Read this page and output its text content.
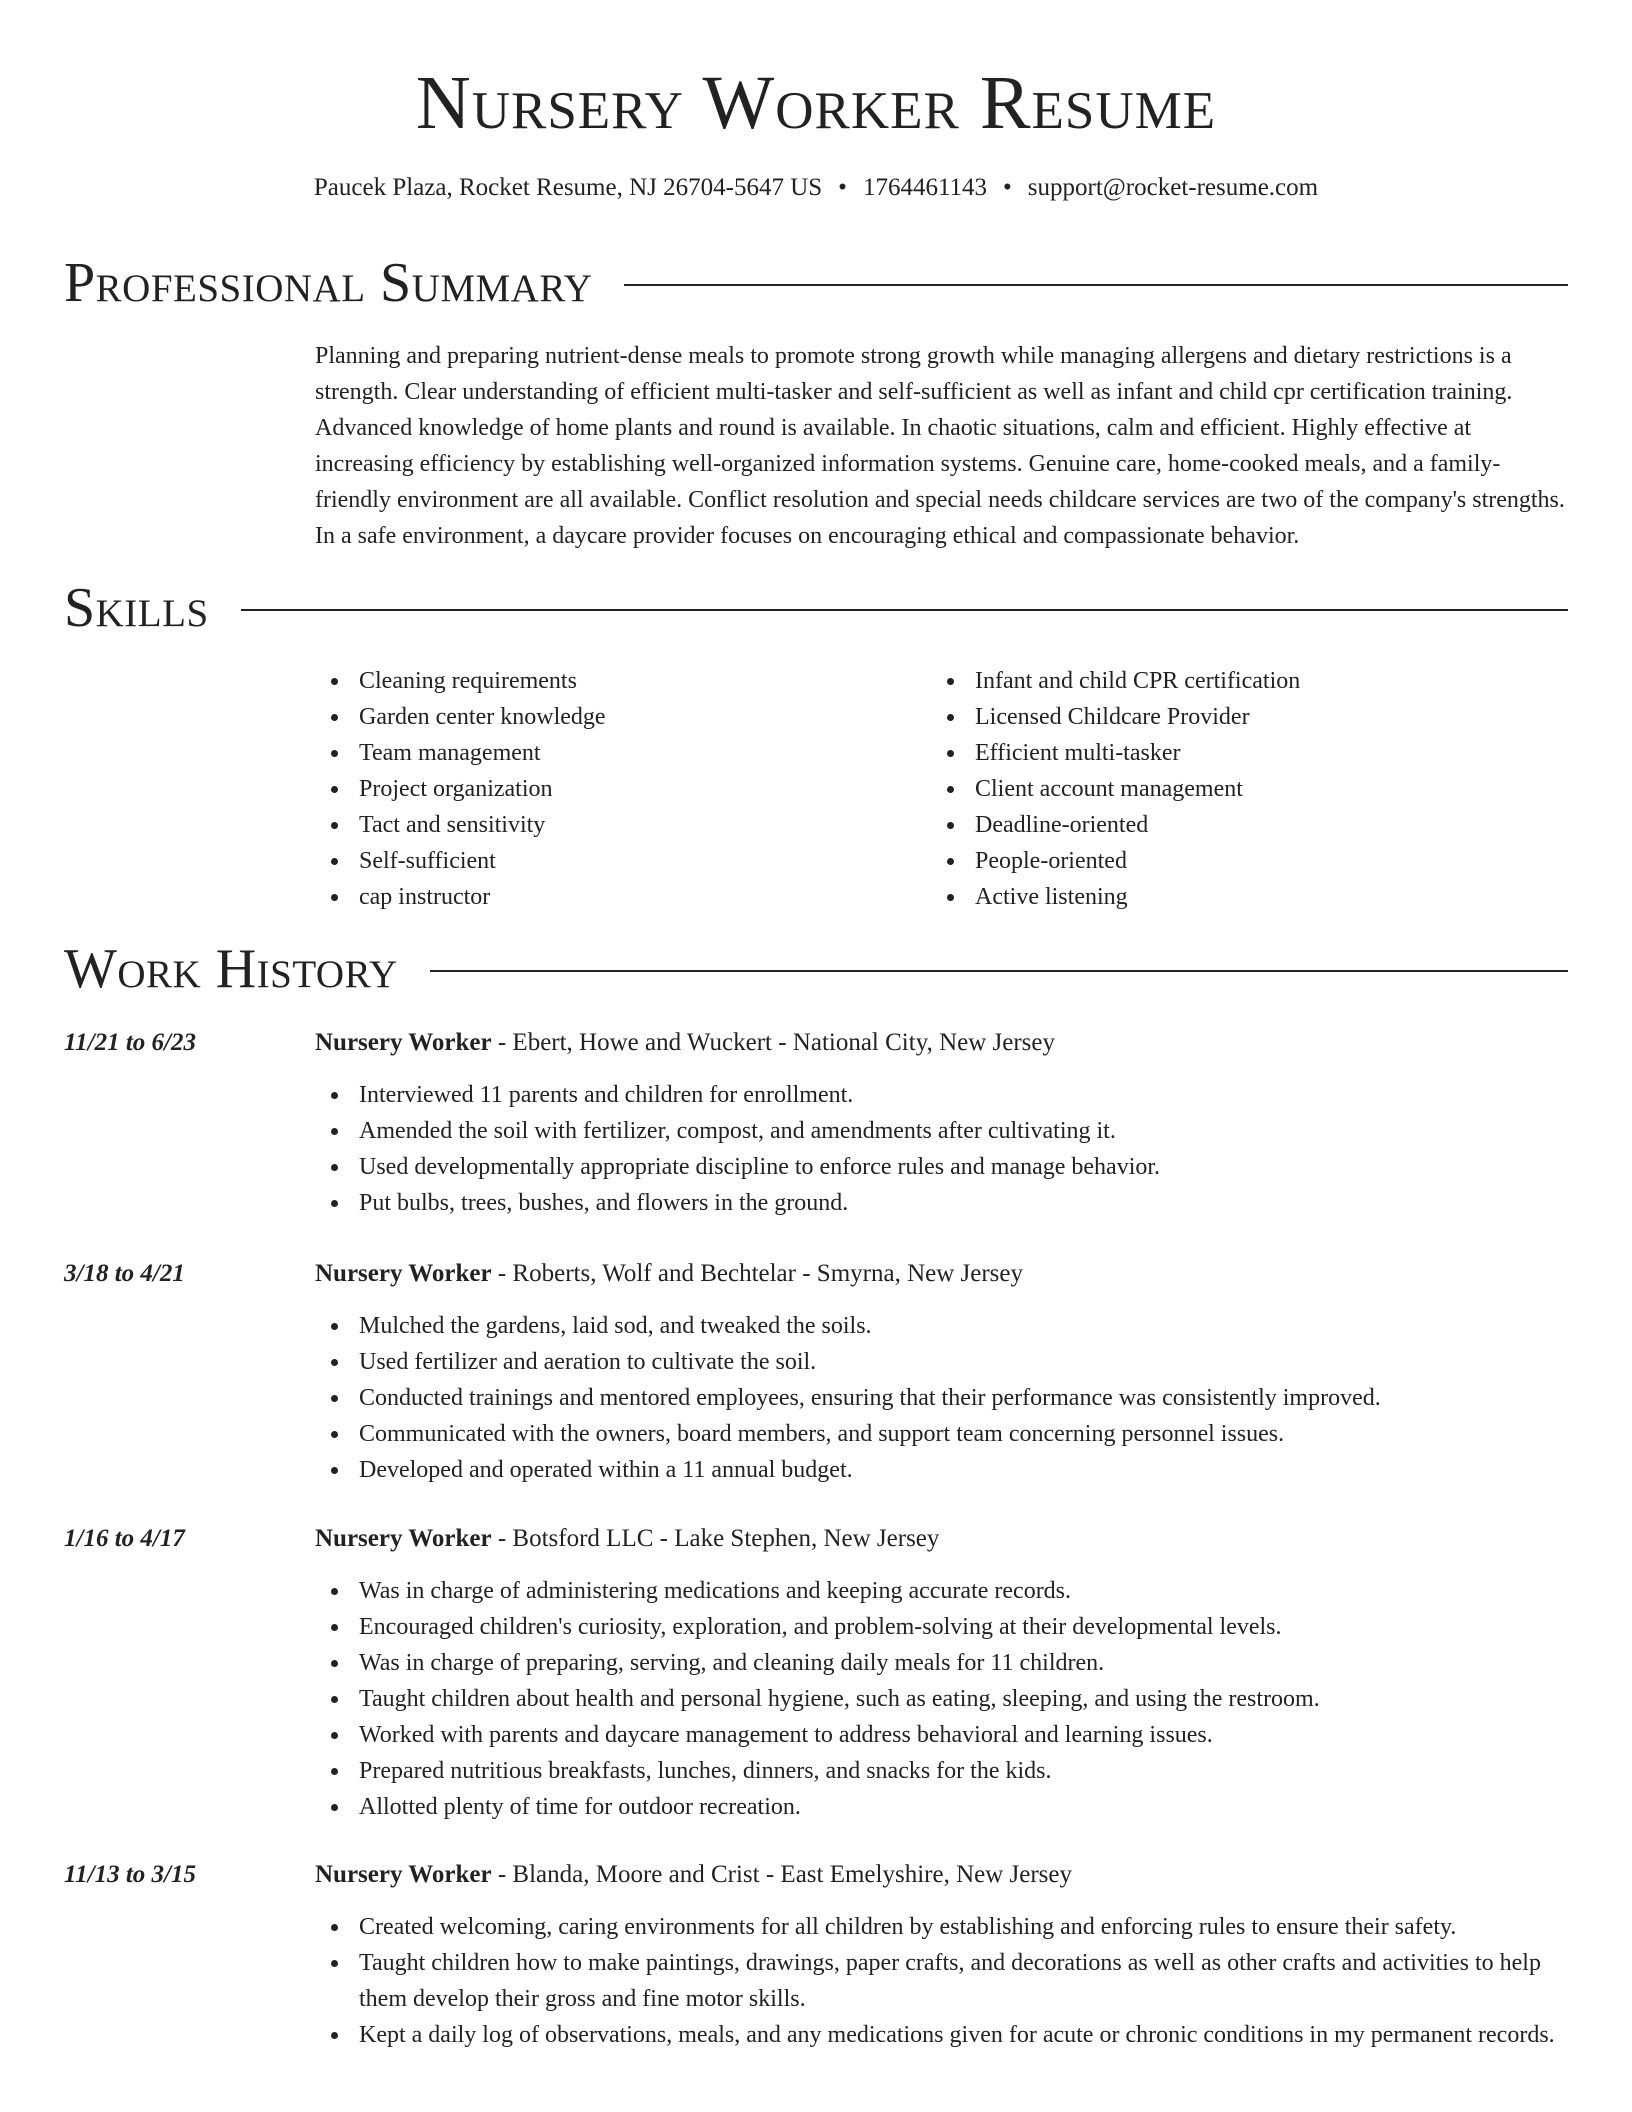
Nursery Worker Resume
Paucek Plaza, Rocket Resume, NJ 26704-5647 US • 1764461143 • support@rocket-resume.com
Professional Summary

Planning and preparing nutrient-dense meals to promote strong growth while managing allergens and dietary restrictions is a strength. Clear understanding of efficient multi-tasker and self-sufficient as well as infant and child cpr certification training. Advanced knowledge of home plants and round is available. In chaotic situations, calm and efficient. Highly effective at increasing efficiency by establishing well-organized information systems. Genuine care, home-cooked meals, and a family-friendly environment are all available. Conflict resolution and special needs childcare services are two of the company's strengths. In a safe environment, a daycare provider focuses on encouraging ethical and compassionate behavior.

Skills
Cleaning requirements
Garden center knowledge
Team management
Project organization
Tact and sensitivity
Self-sufficient
cap instructor
Infant and child CPR certification
Licensed Childcare Provider
Efficient multi-tasker
Client account management
Deadline-oriented
People-oriented
Active listening
Work History
11/21 to 6/23	Nursery Worker - Ebert, Howe and Wuckert - National City, New Jersey
Interviewed 11 parents and children for enrollment.
Amended the soil with fertilizer, compost, and amendments after cultivating it.
Used developmentally appropriate discipline to enforce rules and manage behavior.
Put bulbs, trees, bushes, and flowers in the ground.
3/18 to 4/21	Nursery Worker - Roberts, Wolf and Bechtelar - Smyrna, New Jersey
Mulched the gardens, laid sod, and tweaked the soils.
Used fertilizer and aeration to cultivate the soil.
Conducted trainings and mentored employees, ensuring that their performance was consistently improved.
Communicated with the owners, board members, and support team concerning personnel issues.
Developed and operated within a 11 annual budget.
1/16 to 4/17	Nursery Worker - Botsford LLC - Lake Stephen, New Jersey
Was in charge of administering medications and keeping accurate records.
Encouraged children's curiosity, exploration, and problem-solving at their developmental levels.
Was in charge of preparing, serving, and cleaning daily meals for 11 children.
Taught children about health and personal hygiene, such as eating, sleeping, and using the restroom.
Worked with parents and daycare management to address behavioral and learning issues.
Prepared nutritious breakfasts, lunches, dinners, and snacks for the kids.
Allotted plenty of time for outdoor recreation.
11/13 to 3/15	Nursery Worker - Blanda, Moore and Crist - East Emelyshire, New Jersey
Created welcoming, caring environments for all children by establishing and enforcing rules to ensure their safety.
Taught children how to make paintings, drawings, paper crafts, and decorations as well as other crafts and activities to help them develop their gross and fine motor skills.
Kept a daily log of observations, meals, and any medications given for acute or chronic conditions in my permanent records.
